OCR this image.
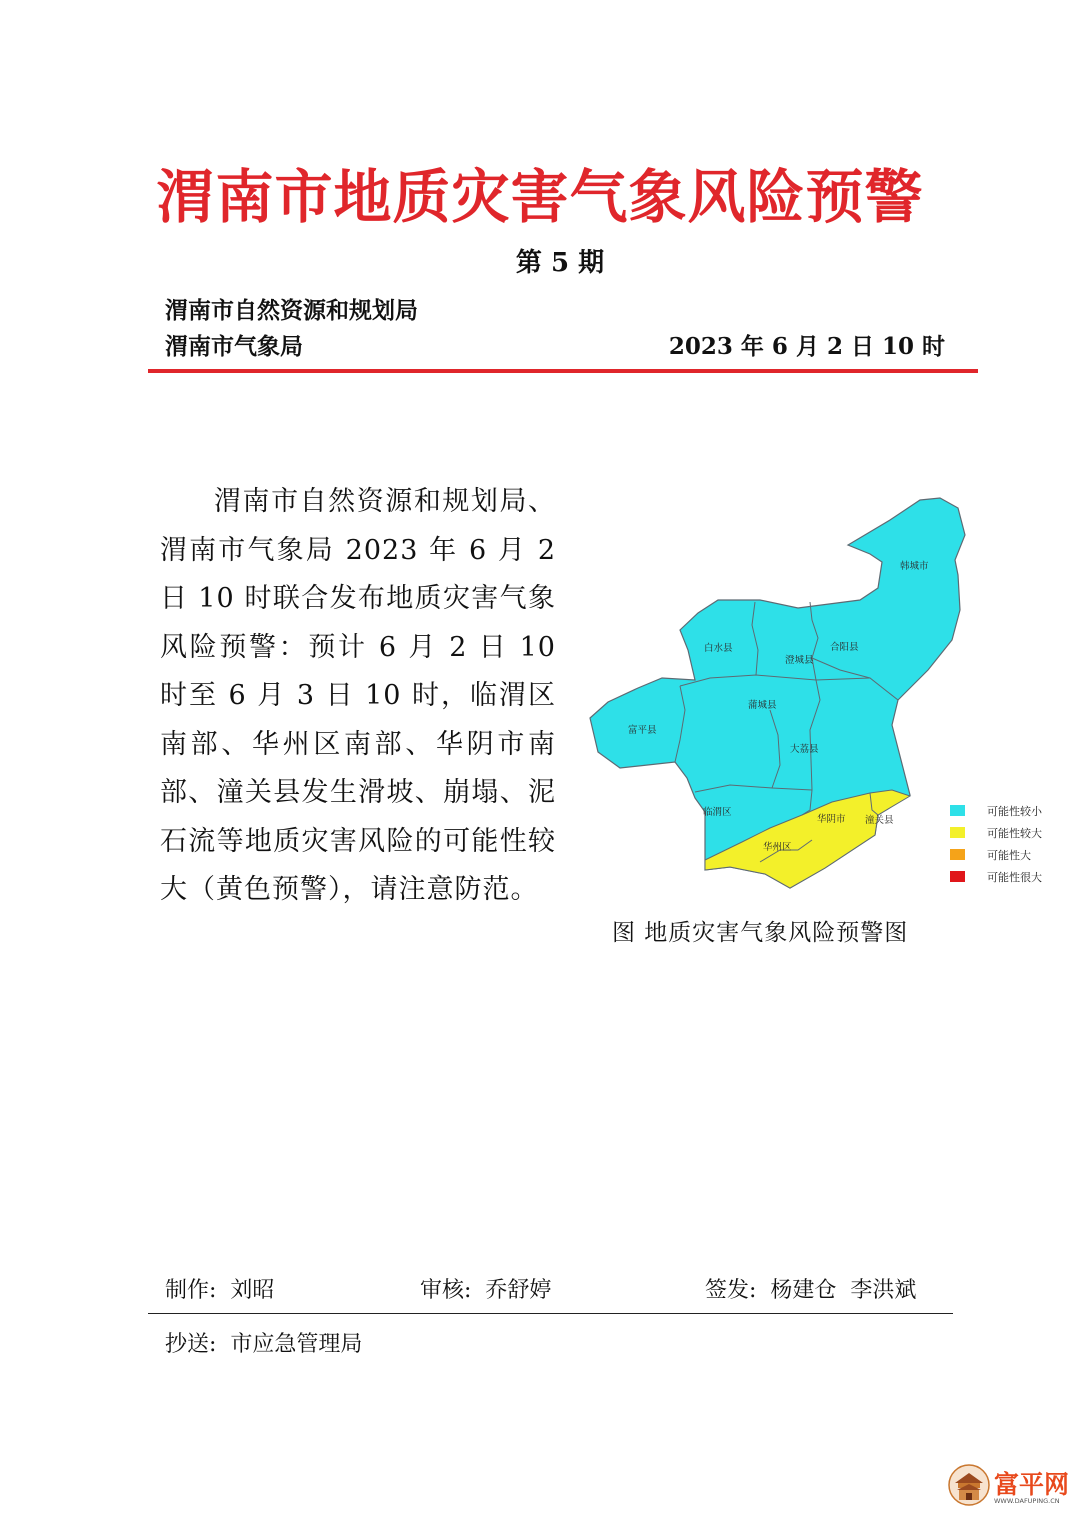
渭南市地质灾害气象风险预警
第 5 期
渭南市自然资源和规划局
渭南市气象局	2023 年 6 月 2 日 10 时
渭南市自然资源和规划局、渭南市气象局 2023 年 6 月 2 日 10 时联合发布地质灾害气象风险预警：预计 6 月 2 日 10 时至 6 月 3 日 10 时，临渭区南部、华州区南部、华阴市南部、潼关县发生滑坡、崩塌、泥石流等地质灾害风险的可能性较大（黄色预警），请注意防范。
韩城市
白水县
澄城县
合阳县
蒲城县
富平县
大荔县
临渭区
华阴市 潼关县
华州区
可能性较小
可能性较大
可能性大
可能性很大
图 地质灾害气象风险预警图
制作: 刘昭	审核: 乔舒婷	签发: 杨建仓  李洪斌
抄送: 市应急管理局
富平网
WWW.DAFUPING.CN
